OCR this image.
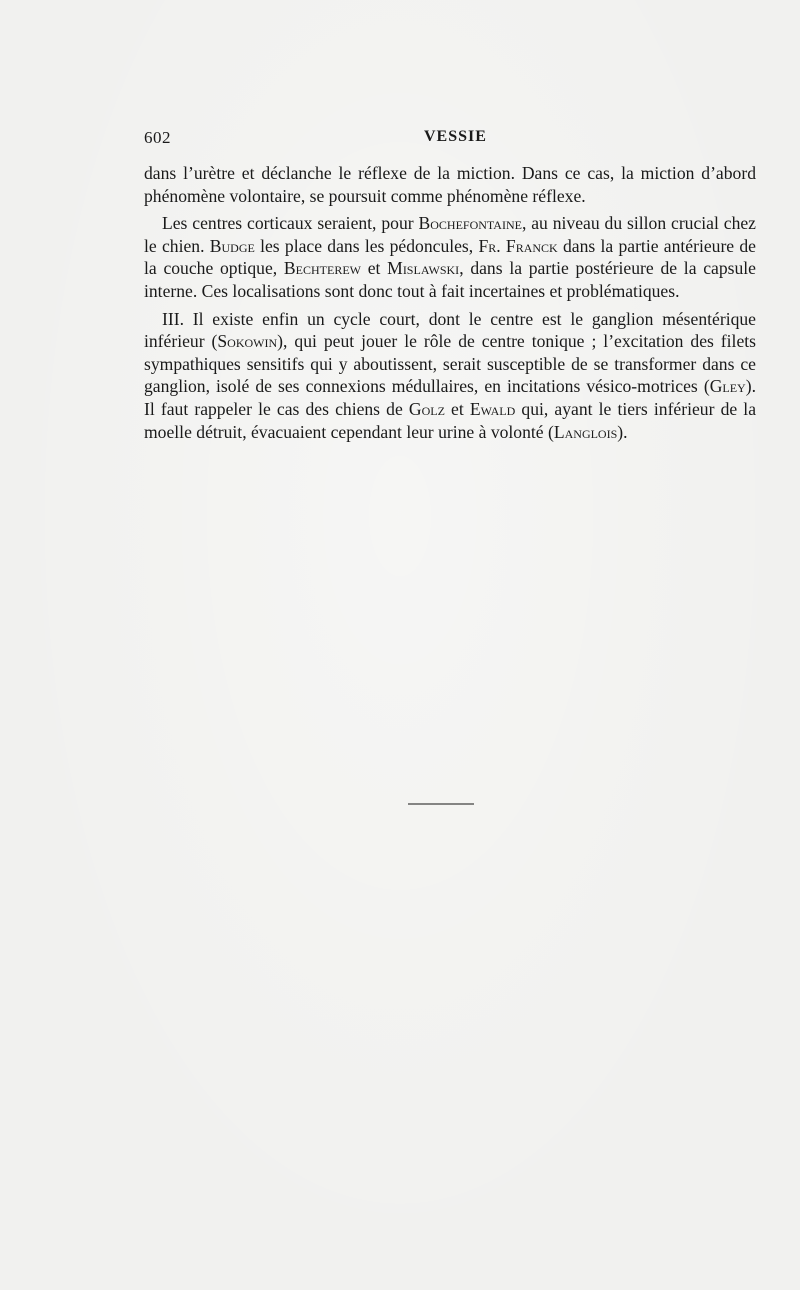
602	VESSIE

dans l’urètre et déclanche le réflexe de la miction. Dans ce cas, la miction d’abord phénomène volontaire, se poursuit comme phénomène réflexe.

Les centres corticaux seraient, pour Bochefontaine, au niveau du sillon crucial chez le chien. Budge les place dans les pédoncules, Fr. Franck dans la partie antérieure de la couche optique, Bechterew et Mislawski, dans la partie postérieure de la capsule interne. Ces localisations sont donc tout à fait incertaines et problématiques.

III. Il existe enfin un cycle court, dont le centre est le ganglion mésentérique inférieur (Sokowin), qui peut jouer le rôle de centre tonique ; l’excitation des filets sympathiques sensitifs qui y aboutissent, serait susceptible de se transformer dans ce ganglion, isolé de ses connexions médullaires, en incitations vésico-motrices (Gley). Il faut rappeler le cas des chiens de Golz et Ewald qui, ayant le tiers inférieur de la moelle détruit, évacuaient cependant leur urine à volonté (Langlois).
